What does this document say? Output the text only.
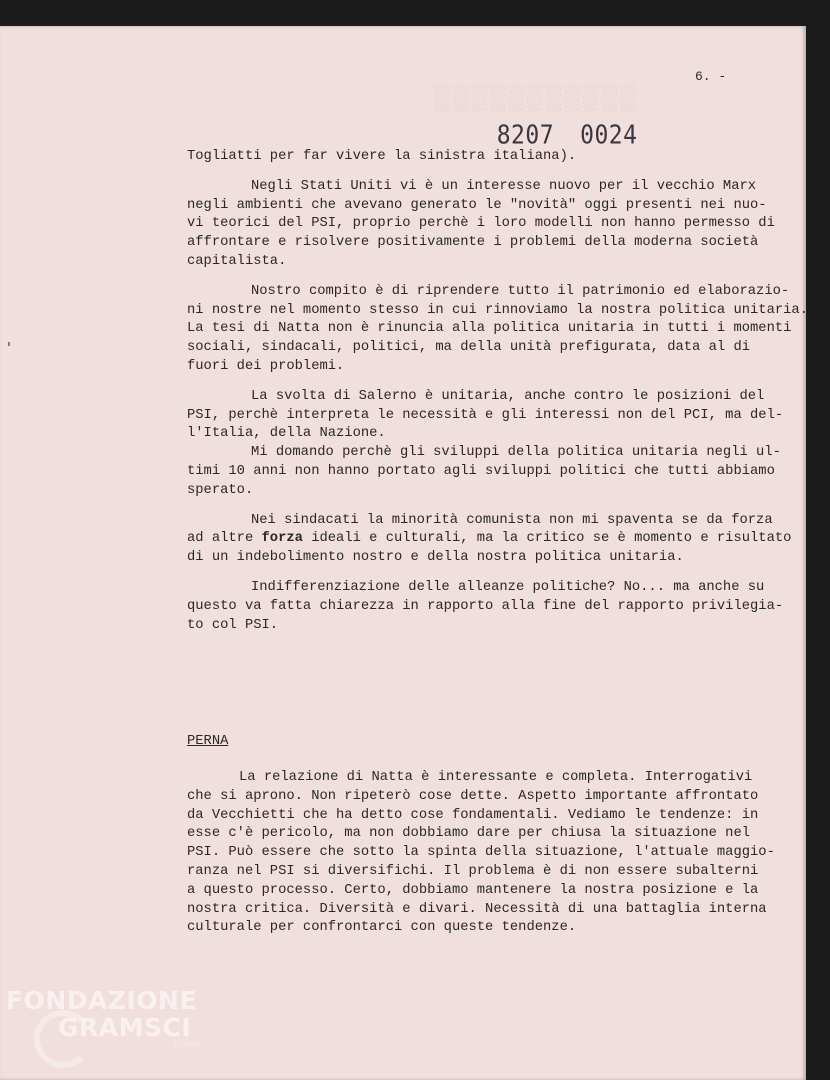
▒▒▒▒▒▒▒▒▒▒▒
6. -

8207 0024

Togliatti per far vivere la sinistra italiana).
Negli Stati Uniti vi è un interesse nuovo per il vecchio Marx
negli ambienti che avevano generato le "novità" oggi presenti nei nuo-
vi teorici del PSI, proprio perchè i loro modelli non hanno permesso di
affrontare e risolvere positivamente i problemi della moderna società
capitalista.
Nostro compito è di riprendere tutto il patrimonio ed elaborazio-
ni nostre nel momento stesso in cui rinnoviamo la nostra politica unitaria.
La tesi di Natta non è rinuncia alla politica unitaria in tutti i momenti
sociali, sindacali, politici, ma della unità prefigurata, data al di
fuori dei problemi.
La svolta di Salerno è unitaria, anche contro le posizioni del
PSI, perchè interpreta le necessità e gli interessi non del PCI, ma del-
l'Italia, della Nazione.
Mi domando perchè gli sviluppi della politica unitaria negli ul-
timi 10 anni non hanno portato agli sviluppi politici che tutti abbiamo
sperato.
Nei sindacati la minorità comunista non mi spaventa se da forza
ad altre forza ideali e culturali, ma la critico se è momento e risultato
di un indebolimento nostro e della nostra politica unitaria.
Indifferenziazione delle alleanze politiche? No... ma anche su
questo va fatta chiarezza in rapporto alla fine del rapporto privilegia-
to col PSI.
PERNA
La relazione di Natta è interessante e completa. Interrogativi
che si aprono. Non ripeterò cose dette. Aspetto importante affrontato
da Vecchietti che ha detto cose fondamentali. Vediamo le tendenze: in
esse c'è pericolo, ma non dobbiamo dare per chiusa la situazione nel
PSI. Può essere che sotto la spinta della situazione, l'attuale maggio-
ranza nel PSI si diversifichi. Il problema è di non essere subalterni
a questo processo. Certo, dobbiamo mantenere la nostra posizione e la
nostra critica. Diversità e divari. Necessità di una battaglia interna
culturale per confrontarci con queste tendenze.
FONDAZIONE
GRAMSCI
onlus
